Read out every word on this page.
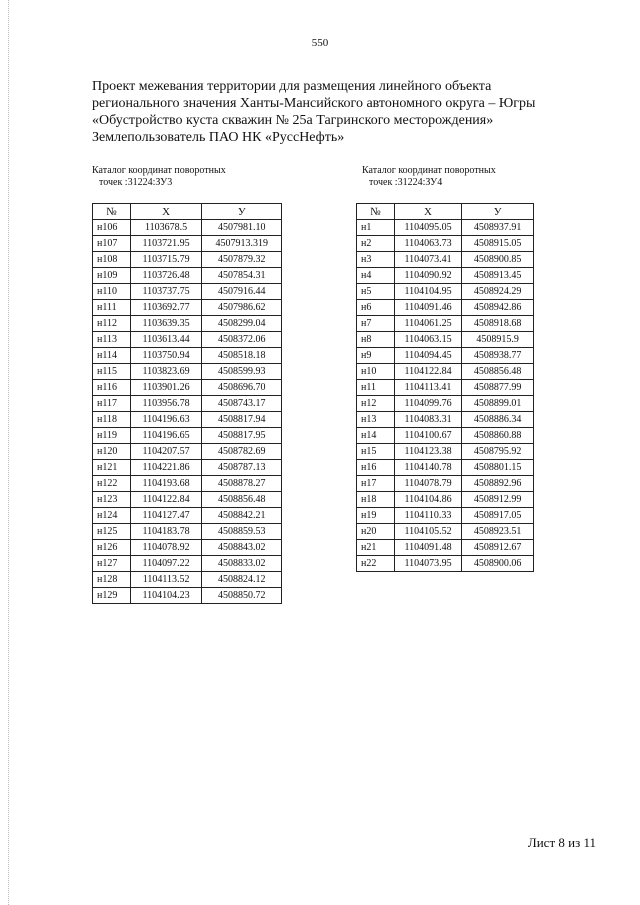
550
Проект межевания территории для размещения линейного объекта
регионального значения Ханты-Мансийского автономного округа – Югры
«Обустройство куста скважин № 25а Тагринского месторождения»
Землепользователь ПАО НК «РуссНефть»
Каталог координат поворотных
точек :31224:ЗУ3
Каталог координат поворотных
точек :31224:ЗУ4
№	X	У
н106	1103678.5	4507981.10
н107	1103721.95	4507913.319
н108	1103715.79	4507879.32
н109	1103726.48	4507854.31
н110	1103737.75	4507916.44
н111	1103692.77	4507986.62
н112	1103639.35	4508299.04
н113	1103613.44	4508372.06
н114	1103750.94	4508518.18
н115	1103823.69	4508599.93
н116	1103901.26	4508696.70
н117	1103956.78	4508743.17
н118	1104196.63	4508817.94
н119	1104196.65	4508817.95
н120	1104207.57	4508782.69
н121	1104221.86	4508787.13
н122	1104193.68	4508878.27
н123	1104122.84	4508856.48
н124	1104127.47	4508842.21
н125	1104183.78	4508859.53
н126	1104078.92	4508843.02
н127	1104097.22	4508833.02
н128	1104113.52	4508824.12
н129	1104104.23	4508850.72
№	X	У
н1	1104095.05	4508937.91
н2	1104063.73	4508915.05
н3	1104073.41	4508900.85
н4	1104090.92	4508913.45
н5	1104104.95	4508924.29
н6	1104091.46	4508942.86
н7	1104061.25	4508918.68
н8	1104063.15	4508915.9
н9	1104094.45	4508938.77
н10	1104122.84	4508856.48
н11	1104113.41	4508877.99
н12	1104099.76	4508899.01
н13	1104083.31	4508886.34
н14	1104100.67	4508860.88
н15	1104123.38	4508795.92
н16	1104140.78	4508801.15
н17	1104078.79	4508892.96
н18	1104104.86	4508912.99
н19	1104110.33	4508917.05
н20	1104105.52	4508923.51
н21	1104091.48	4508912.67
н22	1104073.95	4508900.06
Лист 8 из 11
